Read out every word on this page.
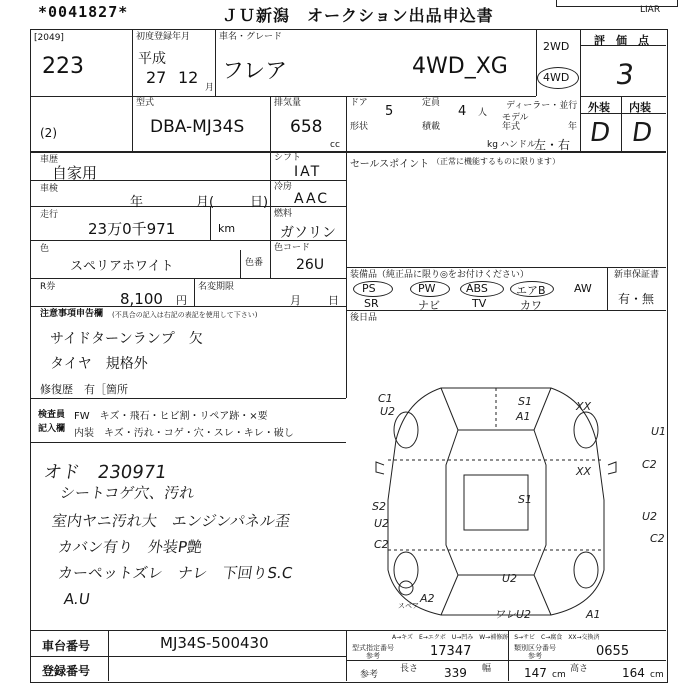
*0041827*	ＪＵ新潟　オークション出品申込書	LIAR
[2049]
223
(2)
初度登録年月
平成
27 12
月
車名・グレード
フレア	4WD_XG
2WD
4WD
評　価　点
3
外装 内装
D D
型式
DBA-MJ34S
排気量
658
cc
ドア
5
定員
4 人
形状	積載
kg ハンドル
左・右
ディーラー・並行
モデル
年式	年
車歴
自家用
車検
年	月(	日)
走行
23万0千971	km
色
スペリアホワイト	色番
R券
8,100 円
名変期限
月 日
シフト
IAT
冷房
AAC
燃料
ガソリン
色コード
26U
セールスポイント （正常に機能するものに限ります）
装備品（純正品に限り◎をお付けください）
PS	PW	ABS	エアB	AW
SR	ナビ	TV	カワ
新車保証書
有・無
後日品
注意事項申告欄 (不具合の記入は右記の表記を使用して下さい)
サイドターンランプ　欠
タイヤ　規格外
修復歴　有［箇所
検査員
記入欄
FW　キズ・飛石・ヒビ割・リペア跡・×要
内装　キズ・汚れ・コゲ・穴・スレ・キレ・破し
オド　230971
シートコゲ穴、汚れ
室内ヤニ汚れ大　エンジンパネル歪
カバン有り　外装P艶
カーペットズレ　ナレ　下回りS.C
A.U
C1
U2
S1
A1
XX
U1
C2
XX
S1
S2
U2
C2
U2
C2
U2
A2
ワレU2	A1
スペア
A→キズ　E→エクボ　U→凹み　W→補修跡　S→サビ　C→腐食　XX→交換済
車台番号	MJ34S-500430
登録番号
型式指定番号
参考	17347	類別区分番号
参考	0655
参考
長さ 339 幅	147 cm
高さ	164 cm
